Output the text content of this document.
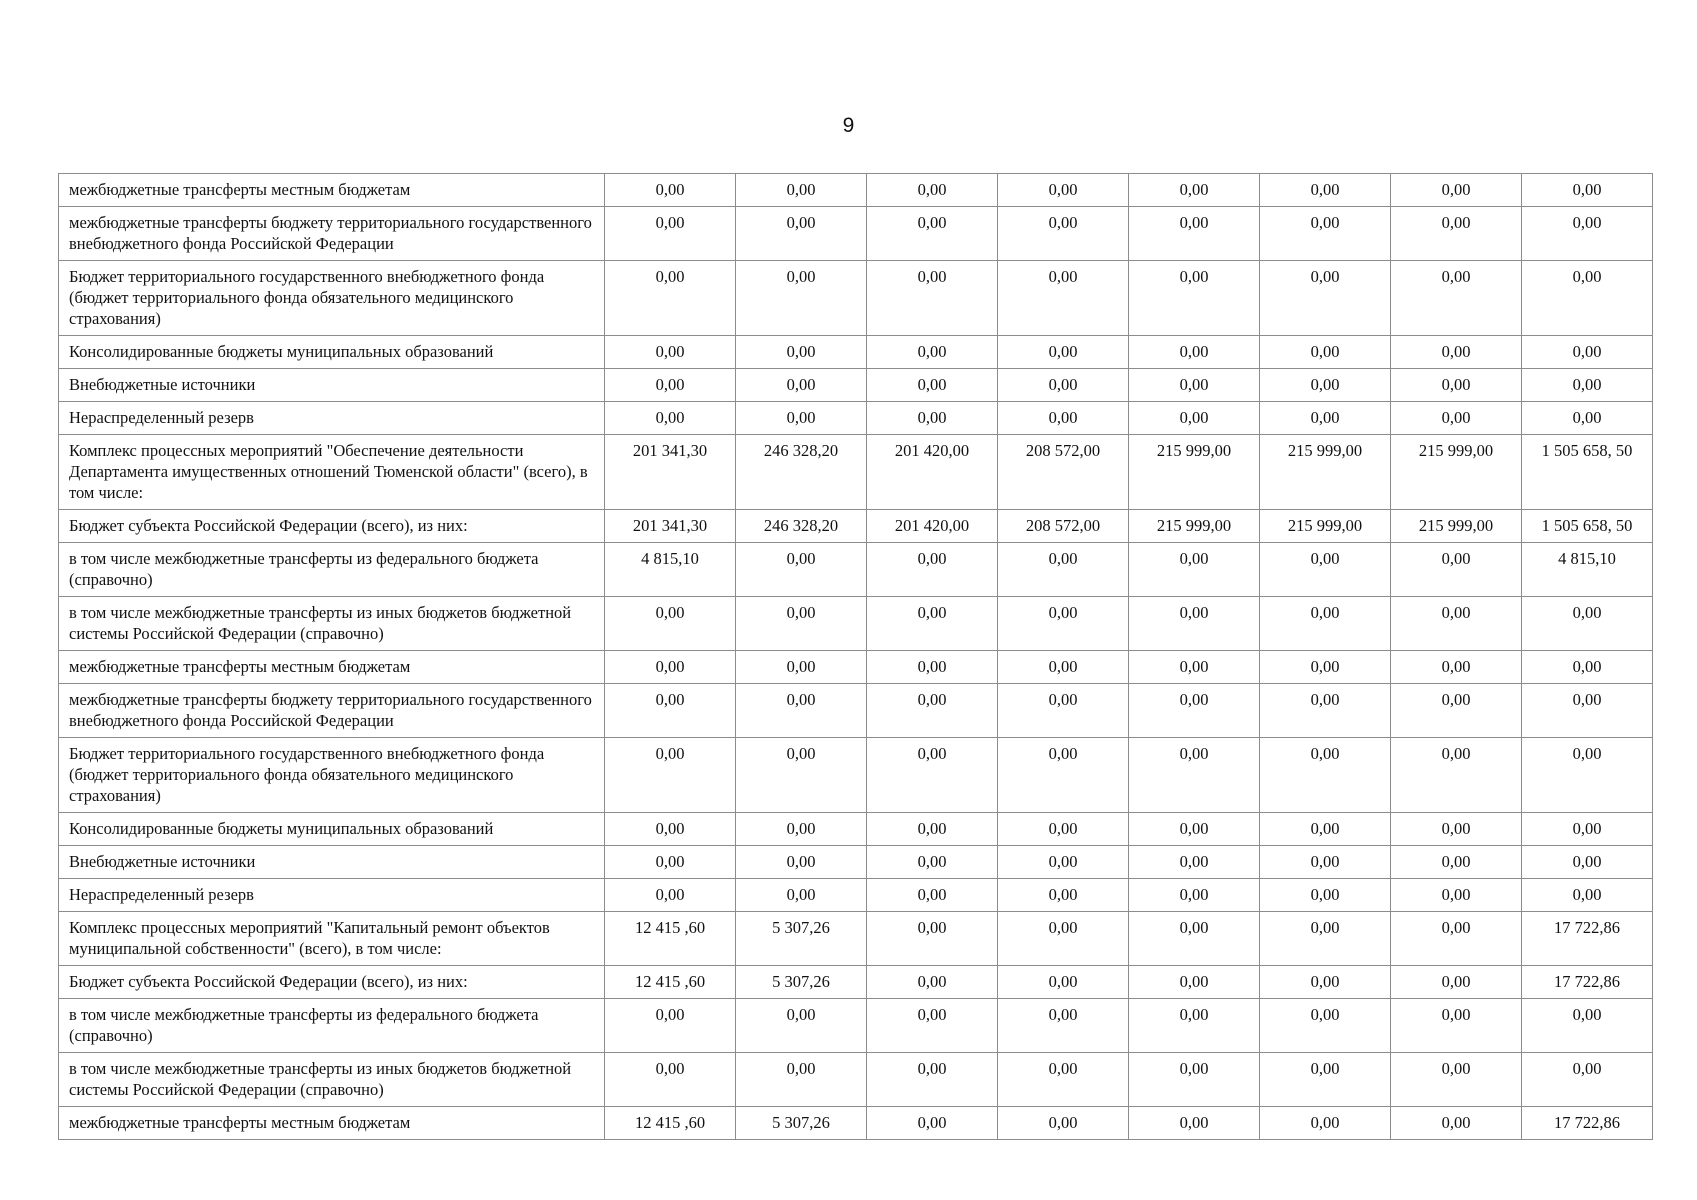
9
межбюджетные трансферты местным бюджетам	0,00	0,00	0,00	0,00	0,00	0,00	0,00	0,00
межбюджетные трансферты бюджету территориального государственного внебюджетного фонда Российской Федерации	0,00	0,00	0,00	0,00	0,00	0,00	0,00	0,00
Бюджет территориального государственного внебюджетного фонда (бюджет территориального фонда обязательного медицинского страхования)	0,00	0,00	0,00	0,00	0,00	0,00	0,00	0,00
Консолидированные бюджеты муниципальных образований	0,00	0,00	0,00	0,00	0,00	0,00	0,00	0,00
Внебюджетные источники	0,00	0,00	0,00	0,00	0,00	0,00	0,00	0,00
Нераспределенный резерв	0,00	0,00	0,00	0,00	0,00	0,00	0,00	0,00
Комплекс процессных мероприятий "Обеспечение деятельности Департамента имущественных отношений Тюменской области" (всего), в том числе:	201 341,30	246 328,20	201 420,00	208 572,00	215 999,00	215 999,00	215 999,00	1 505 658, 50
Бюджет субъекта Российской Федерации (всего), из них:	201 341,30	246 328,20	201 420,00	208 572,00	215 999,00	215 999,00	215 999,00	1 505 658, 50
в том числе межбюджетные трансферты из федерального бюджета (справочно)	4 815,10	0,00	0,00	0,00	0,00	0,00	0,00	4 815,10
в том числе межбюджетные трансферты из иных бюджетов бюджетной системы Российской Федерации (справочно)	0,00	0,00	0,00	0,00	0,00	0,00	0,00	0,00
межбюджетные трансферты местным бюджетам	0,00	0,00	0,00	0,00	0,00	0,00	0,00	0,00
межбюджетные трансферты бюджету территориального государственного внебюджетного фонда Российской Федерации	0,00	0,00	0,00	0,00	0,00	0,00	0,00	0,00
Бюджет территориального государственного внебюджетного фонда (бюджет территориального фонда обязательного медицинского страхования)	0,00	0,00	0,00	0,00	0,00	0,00	0,00	0,00
Консолидированные бюджеты муниципальных образований	0,00	0,00	0,00	0,00	0,00	0,00	0,00	0,00
Внебюджетные источники	0,00	0,00	0,00	0,00	0,00	0,00	0,00	0,00
Нераспределенный резерв	0,00	0,00	0,00	0,00	0,00	0,00	0,00	0,00
Комплекс процессных мероприятий "Капитальный ремонт объектов муниципальной собственности" (всего), в том числе:	12 415 ,60	5 307,26	0,00	0,00	0,00	0,00	0,00	17 722,86
Бюджет субъекта Российской Федерации (всего), из них:	12 415 ,60	5 307,26	0,00	0,00	0,00	0,00	0,00	17 722,86
в том числе межбюджетные трансферты из федерального бюджета (справочно)	0,00	0,00	0,00	0,00	0,00	0,00	0,00	0,00
в том числе межбюджетные трансферты из иных бюджетов бюджетной системы Российской Федерации (справочно)	0,00	0,00	0,00	0,00	0,00	0,00	0,00	0,00
межбюджетные трансферты местным бюджетам	12 415 ,60	5 307,26	0,00	0,00	0,00	0,00	0,00	17 722,86
